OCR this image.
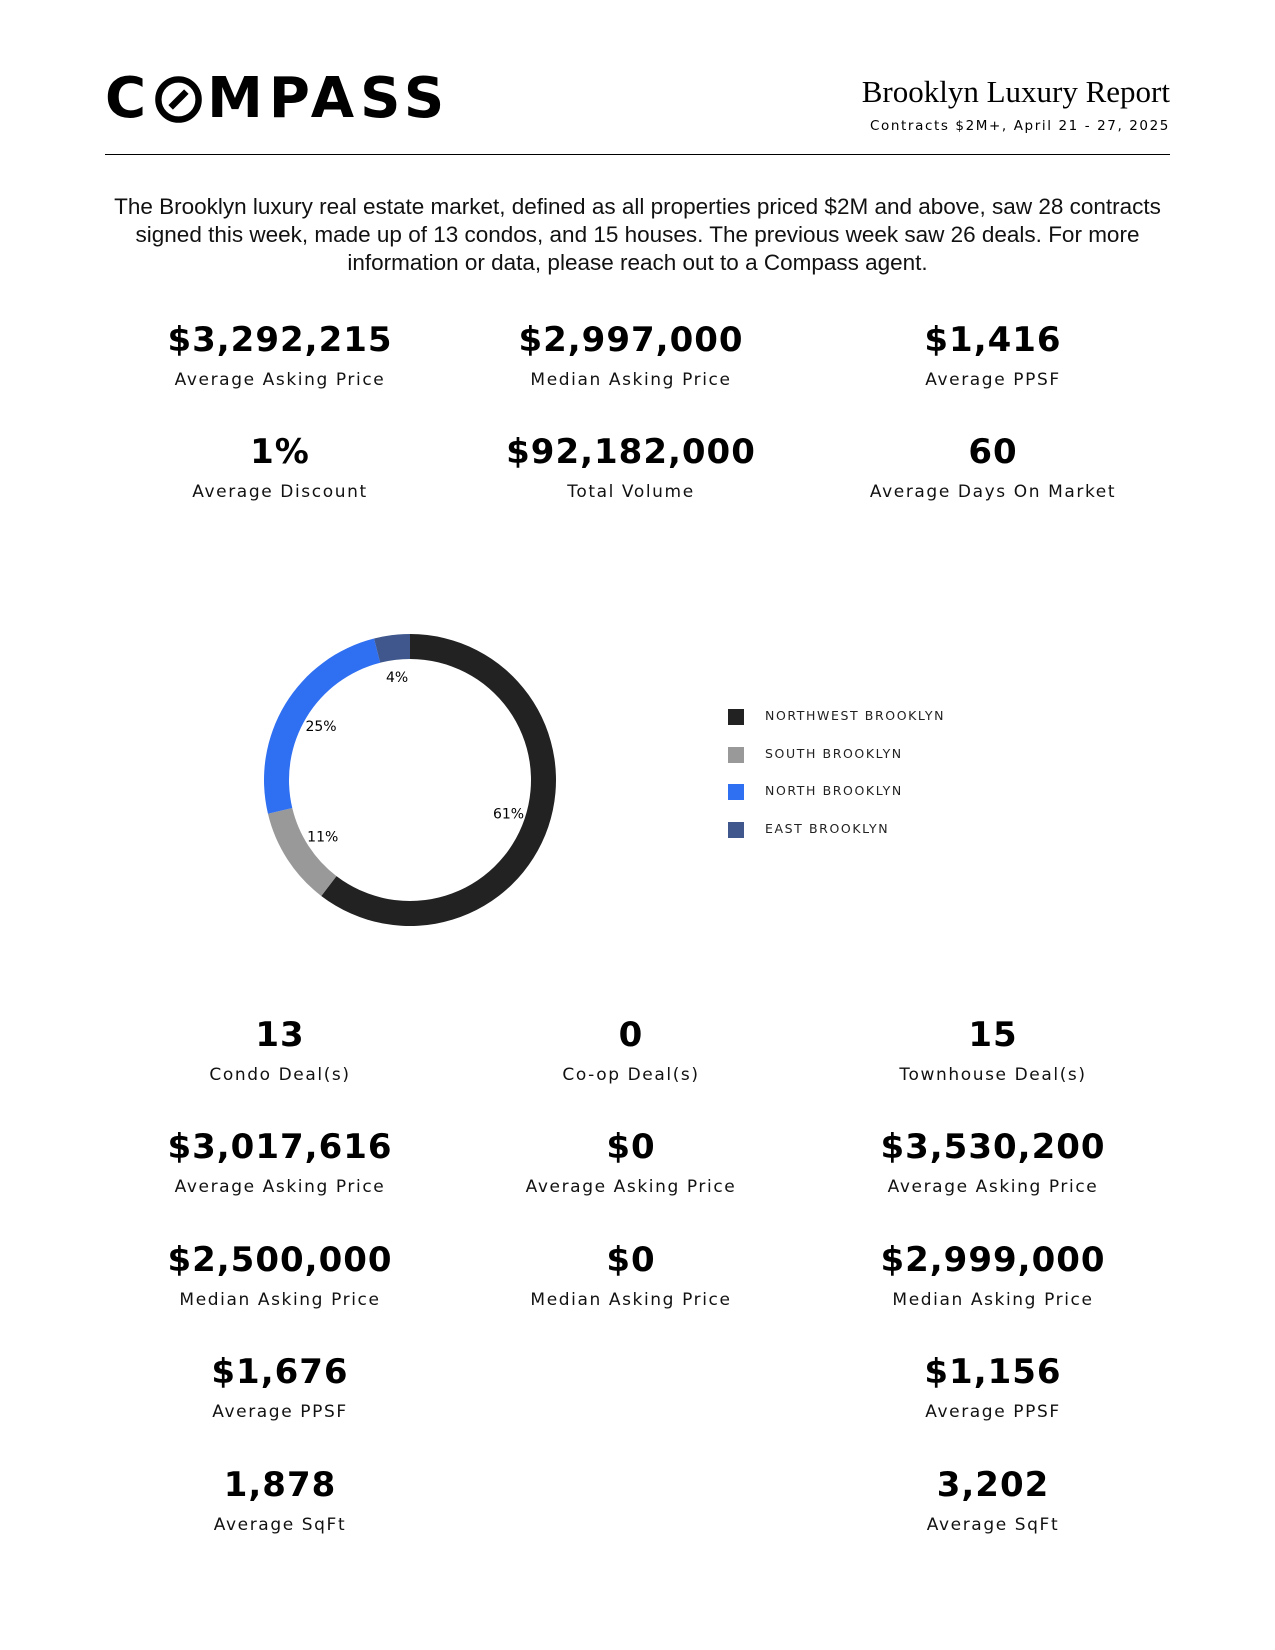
C MPASS	Brooklyn Luxury Report
Contracts $2M+, April 21 - 27, 2025
The Brooklyn luxury real estate market, defined as all properties priced $2M and above, saw 28 contracts signed this week, made up of 13 condos, and 15 houses. The previous week saw 26 deals. For more information or data, please reach out to a Compass agent.
$3,292,215
Average Asking Price
$2,997,000
Median Asking Price
$1,416
Average PPSF
1%
Average Discount
$92,182,000
Total Volume
60
Average Days On Market
61%
11%
25%
4%
NORTHWEST BROOKLYN
SOUTH BROOKLYN
NORTH BROOKLYN
EAST BROOKLYN
13
Condo Deal(s)
$3,017,616
Average Asking Price
$2,500,000
Median Asking Price
$1,676
Average PPSF
1,878
Average SqFt
0
Co-op Deal(s)
$0
Average Asking Price
$0
Median Asking Price
15
Townhouse Deal(s)
$3,530,200
Average Asking Price
$2,999,000
Median Asking Price
$1,156
Average PPSF
3,202
Average SqFt
